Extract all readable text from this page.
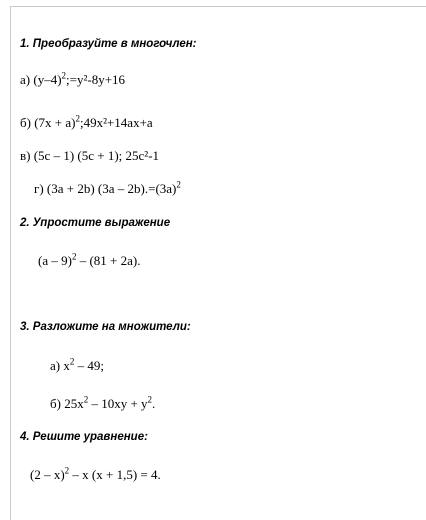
1. Преобразуйте в многочлен:
а) $(y-4)^2;=y^2-8y+16$
б) $(7x + a)^2;49x^2+14ax+a$
в) (5c – 1) (5c + 1); 25c²-1
г) (3a + 2b) $(3a - 2b).=(3a)^2$
2. Упростите выражение
(a – 9)$^2$ – (81 + 2a).
3. Разложите на множители:
а) $x^2 - 49$;
б) $25x^2 - 10xy + y^2$.
4. Решите уравнение:
(2 – x)$^2$ – x (x + 1,5) = 4.
